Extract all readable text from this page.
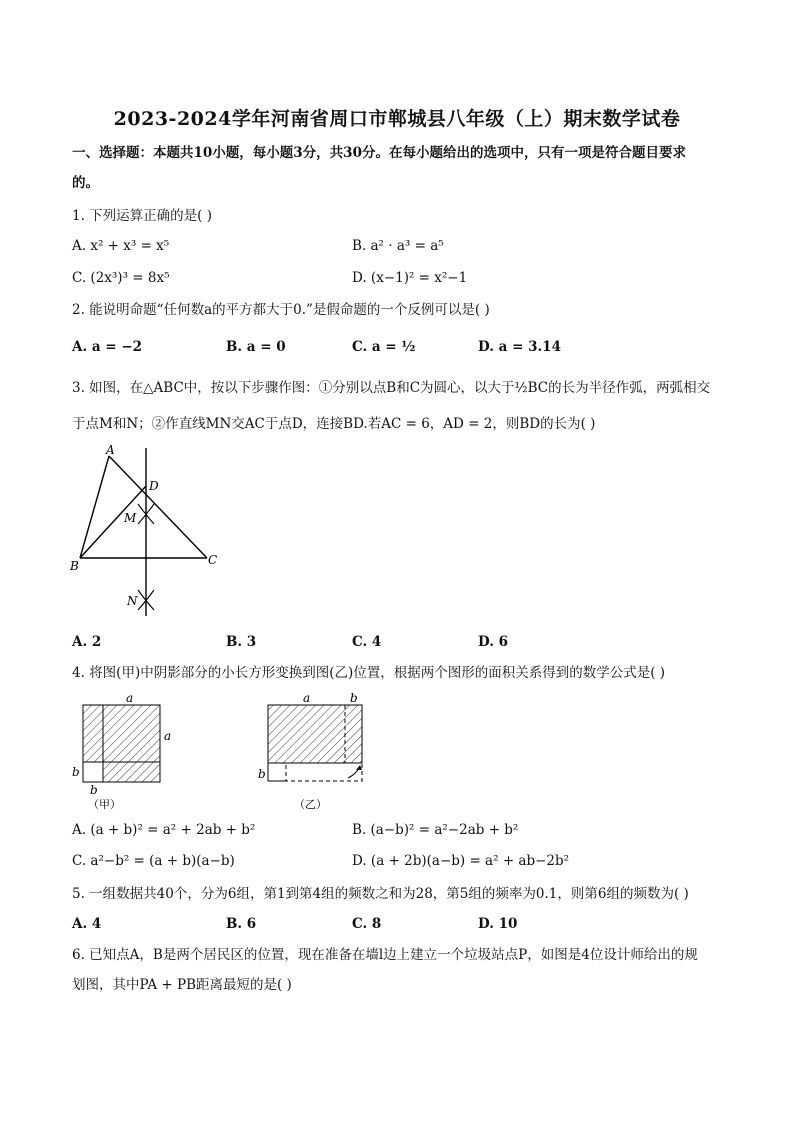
2023-2024学年河南省周口市郸城县八年级（上）期末数学试卷
一、选择题：本题共10小题，每小题3分，共30分。在每小题给出的选项中，只有一项是符合题目要求
的。
1. 下列运算正确的是( )
A. x² + x³ = x⁵	B. a² · a³ = a⁵
C. (2x³)³ = 8x⁵	D. (x−1)² = x²−1
2. 能说明命题“任何数a的平方都大于0.”是假命题的一个反例可以是( )
A. a = −2	B. a = 0	C. a = ½	D. a = 3.14
3. 如图，在△ABC中，按以下步骤作图：①分别以点B和C为圆心，以大于½BC的长为半径作弧，两弧相交
于点M和N；②作直线MN交AC于点D，连接BD.若AC = 6，AD = 2，则BD的长为( )
A
D
M
B	C
N
A. 2	B. 3	C. 4	D. 6
4. 将图(甲)中阴影部分的小长方形变换到图(乙)位置，根据两个图形的面积关系得到的数学公式是( )
a
a
b
b
（甲）
a	b
b
（乙）
A. (a + b)² = a² + 2ab + b²	B. (a−b)² = a²−2ab + b²
C. a²−b² = (a + b)(a−b)	D. (a + 2b)(a−b) = a² + ab−2b²
5. 一组数据共40个，分为6组，第1到第4组的频数之和为28，第5组的频率为0.1，则第6组的频数为( )
A. 4	B. 6	C. 8	D. 10
6. 已知点A，B是两个居民区的位置，现在准备在墙l边上建立一个垃圾站点P，如图是4位设计师给出的规
划图，其中PA + PB距离最短的是( )
